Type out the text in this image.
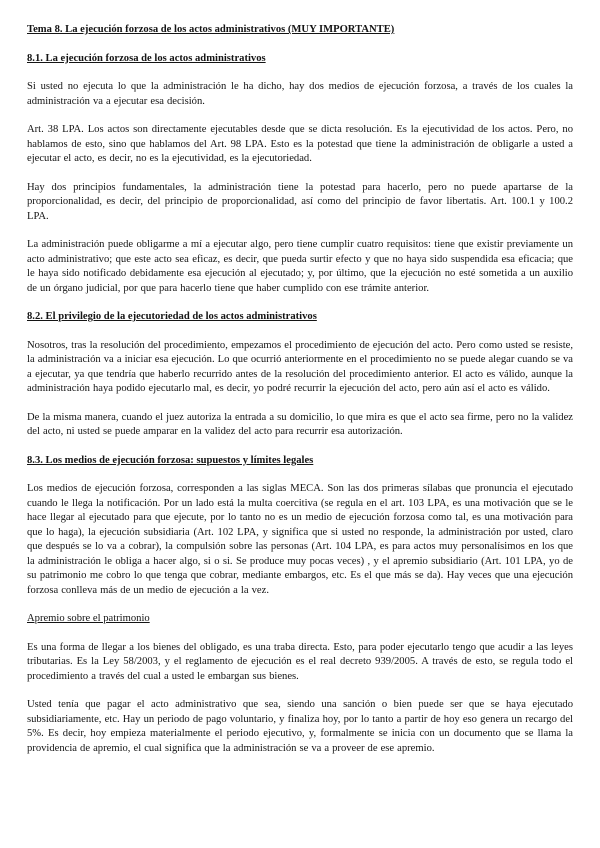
Tema 8. La ejecución forzosa de los actos administrativos (MUY IMPORTANTE)
8.1. La ejecución forzosa de los actos administrativos

Si usted no ejecuta lo que la administración le ha dicho, hay dos medios de ejecución forzosa, a través de los cuales la administración va a ejecutar esa decisión.

Art. 38 LPA. Los actos son directamente ejecutables desde que se dicta resolución. Es la ejecutividad de los actos. Pero, no hablamos de esto, sino que hablamos del Art. 98 LPA. Esto es la potestad que tiene la administración de obligarle a usted a ejecutar el acto, es decir, no es la ejecutividad, es la ejecutoriedad.

Hay dos principios fundamentales, la administración tiene la potestad para hacerlo, pero no puede apartarse de la proporcionalidad, es decir, del principio de proporcionalidad, así como del principio de favor libertatis. Art. 100.1 y 100.2 LPA.

La administración puede obligarme a mí a ejecutar algo, pero tiene cumplir cuatro requisitos: tiene que existir previamente un acto administrativo; que este acto sea eficaz, es decir, que pueda surtir efecto y que no haya sido suspendida esa eficacia; que le haya sido notificado debidamente esa ejecución al ejecutado; y, por último, que la ejecución no esté sometida a un auxilio de un órgano judicial, por que para hacerlo tiene que haber cumplido con ese trámite anterior.

8.2. El privilegio de la ejecutoriedad de los actos administrativos

Nosotros, tras la resolución del procedimiento, empezamos el procedimiento de ejecución del acto. Pero como usted se resiste, la administración va a iniciar esa ejecución. Lo que ocurrió anteriormente en el procedimiento no se puede alegar cuando se va a ejecutar, ya que tendría que haberlo recurrido antes de la resolución del procedimiento anterior. El acto es válido, aunque la administración haya podido ejecutarlo mal, es decir, yo podré recurrir la ejecución del acto, pero aún así el acto es válido.

De la misma manera, cuando el juez autoriza la entrada a su domicilio, lo que mira es que el acto sea firme, pero no la validez del acto, ni usted se puede amparar en la validez del acto para recurrir esa autorización.

8.3. Los medios de ejecución forzosa: supuestos y límites legales

Los medios de ejecución forzosa, corresponden a las siglas MECA. Son las dos primeras sílabas que pronuncia el ejecutado cuando le llega la notificación. Por un lado está la multa coercitiva (se regula en el art. 103 LPA, es una motivación que se le hace llegar al ejecutado para que ejecute, por lo tanto no es un medio de ejecución forzosa como tal, es una motivación para que lo haga), la ejecución subsidiaria (Art. 102 LPA, y significa que si usted no responde, la administración por usted, claro que después se lo va a cobrar), la compulsión sobre las personas (Art. 104 LPA, es para actos muy personalísimos en los que la administración le obliga a hacer algo, si o si. Se produce muy pocas veces) , y el apremio subsidiario (Art. 101 LPA, yo de su patrimonio me cobro lo que tenga que cobrar, mediante embargos, etc. Es el que más se da). Hay veces que una ejecución forzosa conlleva más de un medio de ejecución a la vez.

Apremio sobre el patrimonio

Es una forma de llegar a los bienes del obligado, es una traba directa. Esto, para poder ejecutarlo tengo que acudir a las leyes tributarias. Es la Ley 58/2003, y el reglamento de ejecución es el real decreto 939/2005. A través de esto, se regula todo el procedimiento a través del cual a usted le embargan sus bienes.

Usted tenía que pagar el acto administrativo que sea, siendo una sanción o bien puede ser que se haya ejecutado subsidiariamente, etc. Hay un periodo de pago voluntario, y finaliza hoy, por lo tanto a partir de hoy eso genera un recargo del 5%. Es decir, hoy empieza materialmente el periodo ejecutivo, y, formalmente se inicia con un documento que se llama la providencia de apremio, el cual significa que la administración se va a proveer de ese apremio.
